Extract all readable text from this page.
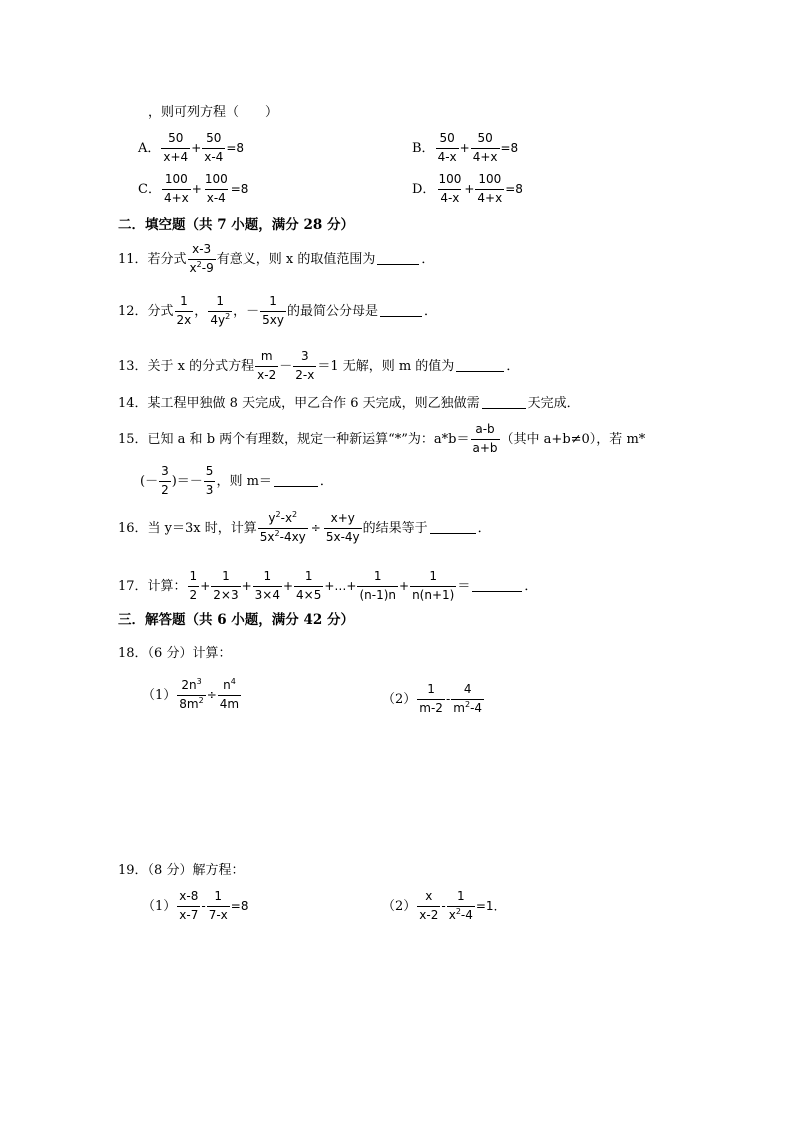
，则可列方程（　　）
A． $\frac{50}{x+4} + \frac{50}{x-4} =8$	B． $\frac{50}{4-x} + \frac{50}{4+x} =8$
C． $\frac{100}{4+x} + \frac{100}{x-4} =8$	D． $\frac{100}{4-x} + \frac{100}{4+x} =8$
二．填空题（共 7 小题，满分 28 分）
11．若分式 $\frac{x-3}{x^2-9}$ 有意义，则 x 的取值范围为	．
12．分式 $\frac{1}{2x}$ ， $\frac{1}{4y^2}$ ，－ $\frac{1}{5xy}$ 的最简公分母是	．
13．关于 x 的分式方程 $\frac{m}{x-2} - \frac{3}{2-x} =1$ 无解，则 m 的值为	．
14．某工程甲独做 8 天完成，甲乙合作 6 天完成，则乙独做需	天完成．
15．已知 a 和 b 两个有理数，规定一种新运算“*”为：$a*b= \frac{a-b}{a+b}$ （其中 a+b≠0），若 m*
(－ $\frac{3}{2}$ )＝－ $\frac{5}{3}$ ，则 m＝	．
16．当 y＝3x 时，计算 $\frac{y^2-x^2}{5x^2-4xy} \div \frac{x+y}{5x-4y}$ 的结果等于	．
17．计算： $\frac{1}{2} + \frac{1}{2\times 3} + \frac{1}{3\times 4} + \frac{1}{4\times 5}$ +…+ $\frac{1}{(n-1)n} + \frac{1}{n(n+1)}$ ＝	．
三．解答题（共 6 小题，满分 42 分）
18．（6 分）计算：
$(1) \frac{2n^3}{8m^2} \div \frac{n^4}{4m}$	$(2) \frac{1}{m-2} - \frac{4}{m^2-4}$
19．（8 分）解方程：
$(1) \frac{x-8}{x-7} - \frac{1}{7-x} =8$	$(2) \frac{x}{x-2} - \frac{1}{x^2-4} =1$．
